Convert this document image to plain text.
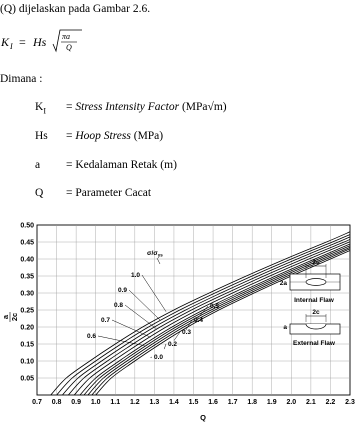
(Q) dijelaskan pada Gambar 2.6.
K I = Hs πa
Q
Dimana :
$K_I$ = Stress Intensity Factor (MPa√m)
Hs = Hoop Stress (MPa)
a = Kedalaman Retak (m)
Q = Parameter Cacat
0.7 0.8 0.9 1.0 1.1 1.2 1.3 1.4 1.5 1.6 1.7 1.8 1.9 2.0 2.1 2.2 2.3
0.05
0.10
0.15
0.20
0.25
0.30
0.35
0.40
0.45
0.50
1.0
0.9
0.8
0.7
0.6
0.5
0.4
0.3
0.2
0.0
Q
a 2c
$\sigma/\sigma_{ys}$
2c
2a
Internal Flaw
2c
a
External Flaw
